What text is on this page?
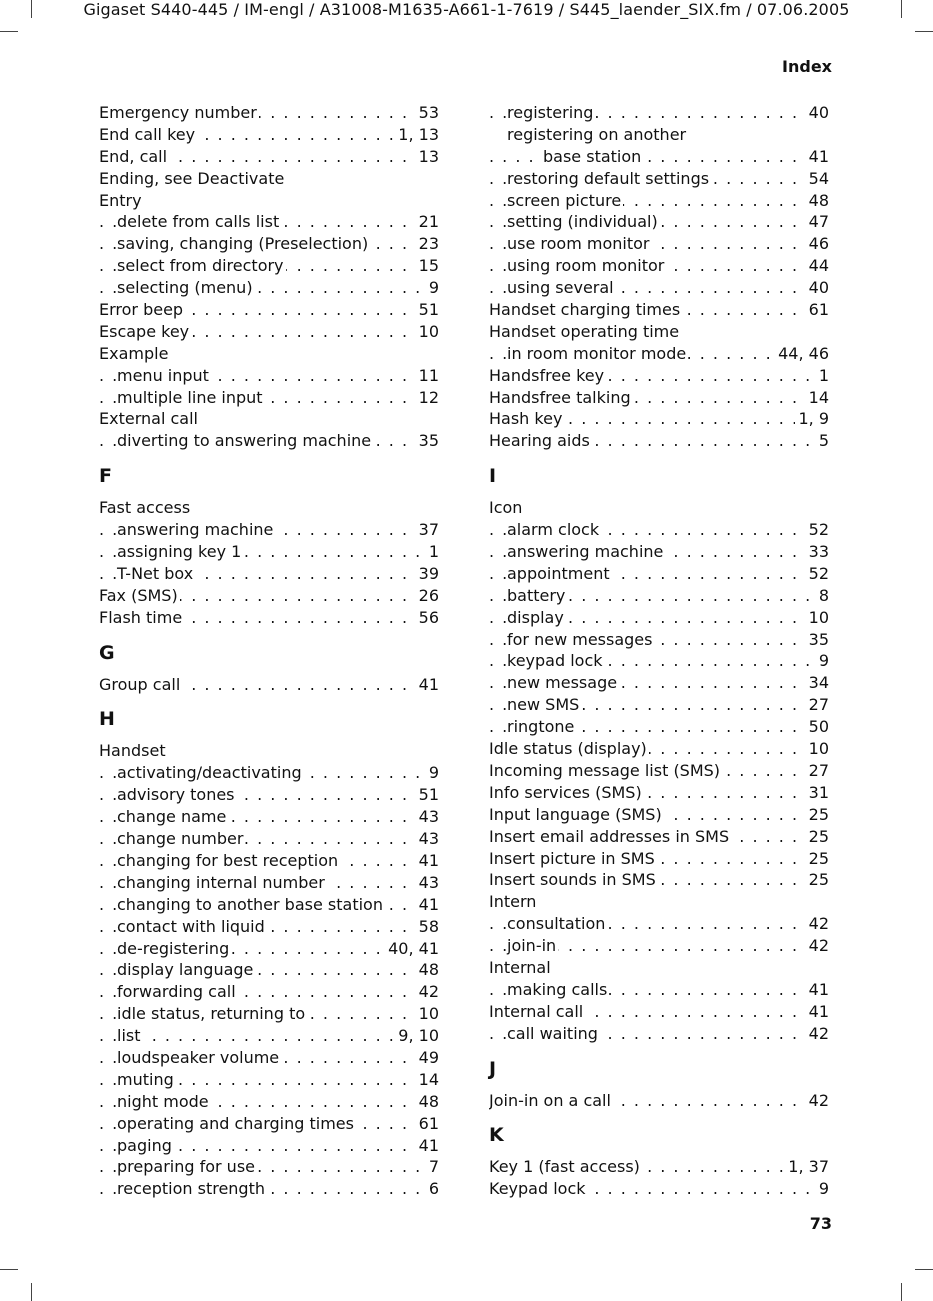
Gigaset S440-445 / IM-engl / A31008-M1635-A661-1-7619 / S445_laender_SIX.fm / 07.06.2005
Index
. . . Emergency number	53
. . . End call key	1, 13
. . . End, call	13
Ending, see Deactivate
Entry
. . . delete from calls list	21
. . . saving, changing (Preselection)	23
. . . select from directory	15
. . . selecting (menu)	9
. . . Error beep	51
. . . Escape key	10
Example
. . . menu input	11
. . . multiple line input	12
External call
. . . diverting to answering machine	35
F
Fast access
. . . answering machine	37
. . . assigning key 1	1
. . . T-Net box	39
. . . Fax (SMS)	26
. . . Flash time	56
G
. . . Group call	41
H
Handset
. . . activating/deactivating	9
. . . advisory tones	51
. . . change name	43
. . . change number	43
. . . changing for best reception	41
. . . changing internal number	43
. . . changing to another base station 41
. . . contact with liquid	58
. . . de-registering	40, 41
. . . display language	48
. . . forwarding call	42
. . . idle status, returning to	10
. . . list	9, 10
. . . loudspeaker volume	49
. . . muting	14
. . . night mode	48
. . . operating and charging times	61
. . . paging	41
. . . preparing for use	7
. . . reception strength	6
. . . registering	40
registering on another
. . . base station	41
. . . restoring default settings	54
. . . screen picture	48
. . . setting (individual)	47
. . . use room monitor	46
. . . using room monitor	44
. . . using several	40
. . . Handset charging times	61
Handset operating time
. . . in room monitor mode	44, 46
. . . Handsfree key	1
. . . Handsfree talking	14
. . . Hash key	1, 9
. . . Hearing aids	5
I
Icon
. . . alarm clock	52
. . . answering machine	33
. . . appointment	52
. . . battery	8
. . . display	10
. . . for new messages	35
. . . keypad lock	9
. . . new message	34
. . . new SMS	27
. . . ringtone	50
. . . Idle status (display)	10
. . . Incoming message list (SMS)	27
. . . Info services (SMS)	31
. . . Input language (SMS)	25
. . . Insert email addresses in SMS	25
. . . Insert picture in SMS	25
. . . Insert sounds in SMS	25
Intern
. . . consultation	42
. . . join-in	42
Internal
. . . making calls	41
. . . Internal call	41
. . . call waiting	42
J
. . . Join-in on a call	42
K
. . . Key 1 (fast access)	1, 37
. . . Keypad lock	9
73
